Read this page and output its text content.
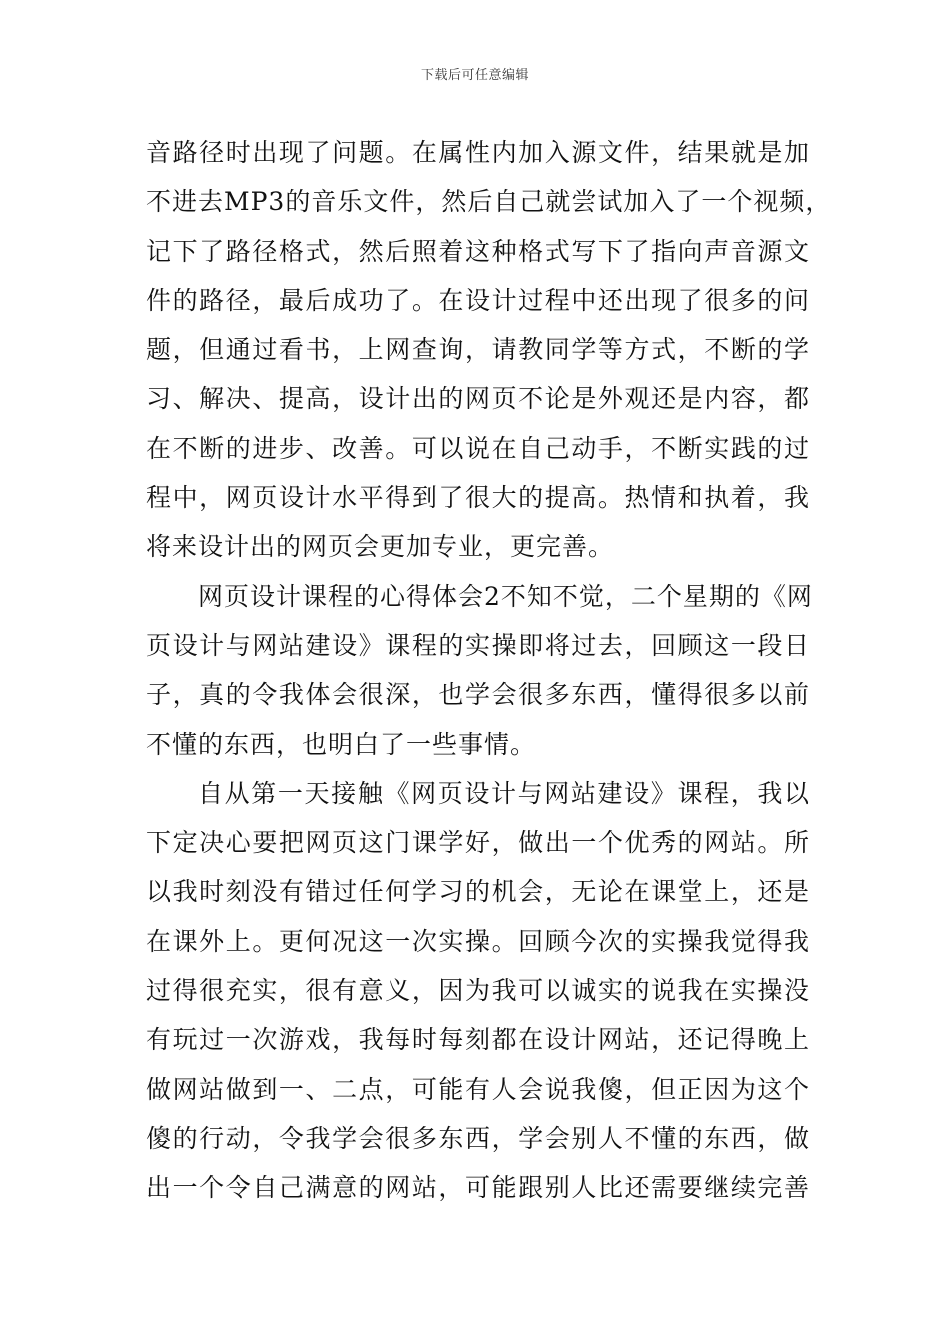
下载后可任意编辑
音路径时出现了问题。在属性内加入源文件，结果就是加
不进去MP3的音乐文件，然后自己就尝试加入了一个视频，
记下了路径格式，然后照着这种格式写下了指向声音源文
件的路径，最后成功了。在设计过程中还出现了很多的问
题，但通过看书，上网查询，请教同学等方式，不断的学
习、解决、提高，设计出的网页不论是外观还是内容，都
在不断的进步、改善。可以说在自己动手，不断实践的过
程中，网页设计水平得到了很大的提高。热情和执着，我
将来设计出的网页会更加专业，更完善。
网页设计课程的心得体会2不知不觉，二个星期的《网
页设计与网站建设》课程的实操即将过去，回顾这一段日
子，真的令我体会很深，也学会很多东西，懂得很多以前
不懂的东西，也明白了一些事情。
自从第一天接触《网页设计与网站建设》课程，我以
下定决心要把网页这门课学好，做出一个优秀的网站。所
以我时刻没有错过任何学习的机会，无论在课堂上，还是
在课外上。更何况这一次实操。回顾今次的实操我觉得我
过得很充实，很有意义，因为我可以诚实的说我在实操没
有玩过一次游戏，我每时每刻都在设计网站，还记得晚上
做网站做到一、二点，可能有人会说我傻，但正因为这个
傻的行动，令我学会很多东西，学会别人不懂的东西，做
出一个令自己满意的网站，可能跟别人比还需要继续完善
